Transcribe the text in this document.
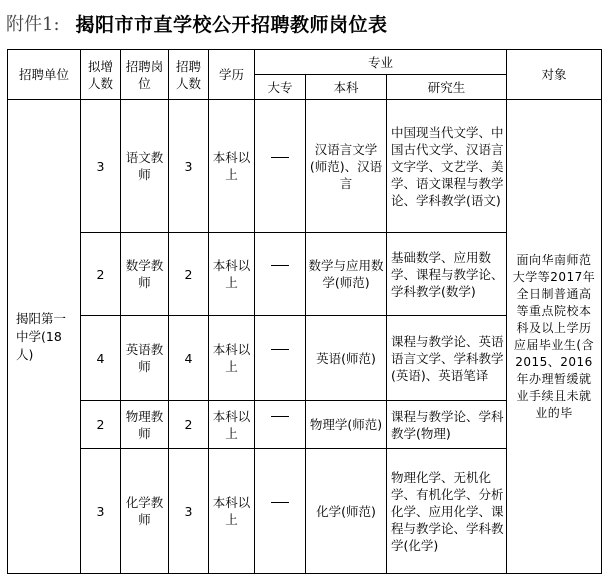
附件1: 揭阳市市直学校公开招聘教师岗位表
招聘单位	拟增人数	招聘岗位	招聘人数	学历	专业			对象
					大专	本科	研究生	
揭阳第一中学(18人)	3	语文教师	3	本科以上		汉语言文学(师范)、汉语言	中国现当代文学、中国古代文学、汉语言文字学、文艺学、美学、语文课程与教学论、学科教学(语文)	面向华南师范大学等2017年全日制普通高等重点院校本科及以上学历应届毕业生(含2015、2016年办理暂缓就业手续且未就业的毕
	2	数学教师	2	本科以上		数学与应用数学(师范)	基础数学、应用数学、课程与教学论、学科教学(数学)	
	4	英语教师	4	本科以上		英语(师范)	课程与教学论、英语语言文学、学科教学(英语)、英语笔译	
	2	物理教师	2	本科以上		物理学(师范)	课程与教学论、学科教学(物理)	
	3	化学教师	3	本科以上		化学(师范)	物理化学、无机化学、有机化学、分析化学、应用化学、课程与教学论、学科教学(化学)	
